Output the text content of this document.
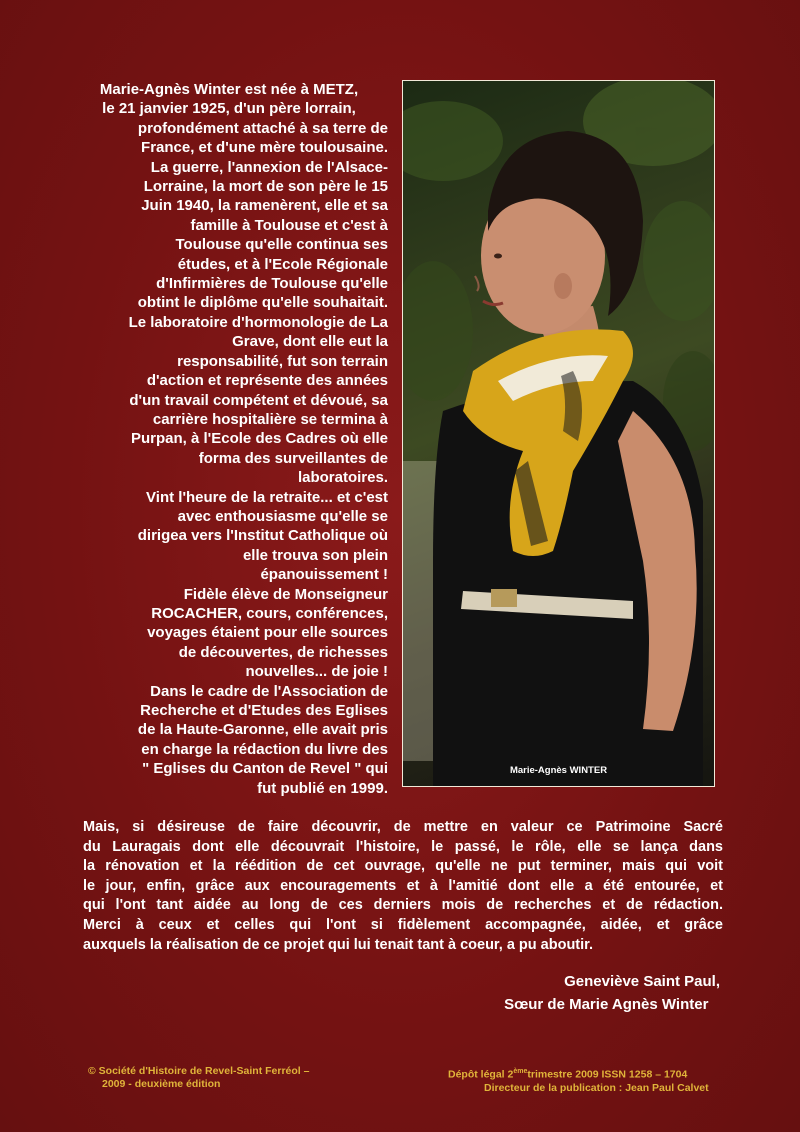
Marie-Agnès Winter est née à METZ,
le 21 janvier 1925, d'un père lorrain,
profondément attaché à sa terre de
France, et d'une mère toulousaine.
La guerre, l'annexion de l'Alsace-
Lorraine, la mort de son père le 15
Juin 1940, la ramenèrent, elle et sa
famille à Toulouse et c'est à
Toulouse qu'elle continua ses
études, et à l'Ecole Régionale
d'Infirmières de Toulouse qu'elle
obtint le diplôme qu'elle souhaitait.
Le laboratoire d'hormonologie de La
Grave, dont elle eut la
responsabilité, fut son terrain
d'action et représente des années
d'un travail compétent et dévoué, sa
carrière hospitalière se termina à
Purpan, à l'Ecole des Cadres où elle
forma des surveillantes de
laboratoires.
Vint l'heure de la retraite... et c'est
avec enthousiasme qu'elle se
dirigea vers l'Institut Catholique où
elle trouva son plein
épanouissement !
Fidèle élève de Monseigneur
ROCACHER, cours, conférences,
voyages étaient pour elle sources
de découvertes, de richesses
nouvelles... de joie !
Dans le cadre de l'Association de
Recherche et d'Etudes des Eglises
de la Haute-Garonne, elle avait pris
en charge la rédaction du livre des
" Eglises du Canton de Revel " qui
fut publié en 1999.

Marie-Agnès WINTER
Mais, si désireuse de faire découvrir, de mettre en valeur ce Patrimoine Sacré
du Lauragais dont elle découvrait l'histoire, le passé, le rôle, elle se lança dans
la rénovation et la réédition de cet ouvrage, qu'elle ne put terminer, mais qui voit
le jour, enfin, grâce aux encouragements et à l'amitié dont elle a été entourée, et
qui l'ont tant aidée au long de ces derniers mois de recherches et de rédaction.
Merci à ceux et celles qui l'ont si fidèlement accompagnée, aidée, et grâce
auxquels la réalisation de ce projet qui lui tenait tant à coeur, a pu aboutir.
Geneviève Saint Paul,
Sœur de Marie Agnès Winter
© Société d'Histoire de Revel-Saint Ferréol –
2009 - deuxième édition
Dépôt légal 2èmetrimestre 2009 ISSN 1258 – 1704
Directeur de la publication : Jean Paul Calvet
